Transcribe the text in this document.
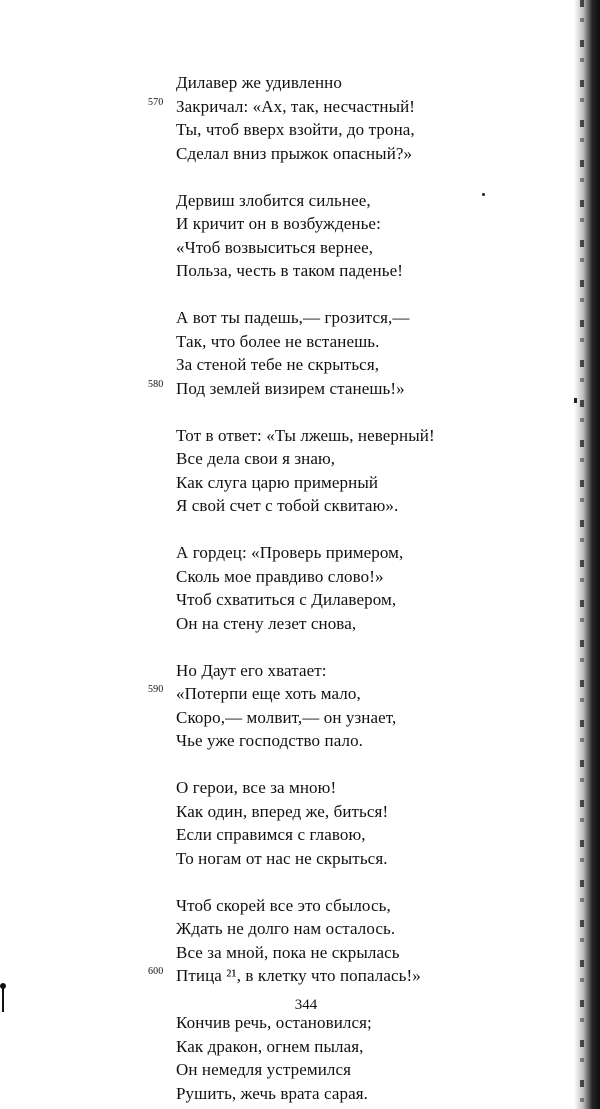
Дилавер же удивленно
Закричал: «Ах, так, несчастный!
570
Ты, чтоб вверх взойти, до трона,
Сделал вниз прыжок опасный?»
Дервиш злобится сильнее,
И кричит он в возбужденье:
«Чтоб возвыситься вернее,
Польза, честь в таком паденье!
А вот ты падешь,— грозится,—
Так, что более не встанешь.
За стеной тебе не скрыться,
Под землей визирем станешь!»
580
Тот в ответ: «Ты лжешь, неверный!
Все дела свои я знаю,
Как слуга царю примерный
Я свой счет с тобой сквитаю».
А гордец: «Проверь примером,
Сколь мое правдиво слово!»
Чтоб схватиться с Дилавером,
Он на стену лезет снова,
Но Даут его хватает:
«Потерпи еще хоть мало,
590
Скоро,— молвит,— он узнает,
Чье уже господство пало.
О герои, все за мною!
Как один, вперед же, биться!
Если справимся с главою,
То ногам от нас не скрыться.
Чтоб скорей все это сбылось,
Ждать не долго нам осталось.
Все за мной, пока не скрылась
Птица ²¹, в клетку что попалась!»
600
Кончив речь, остановился;
Как дракон, огнем пылая,
Он немедля устремился
Рушить, жечь врата сарая.
344
